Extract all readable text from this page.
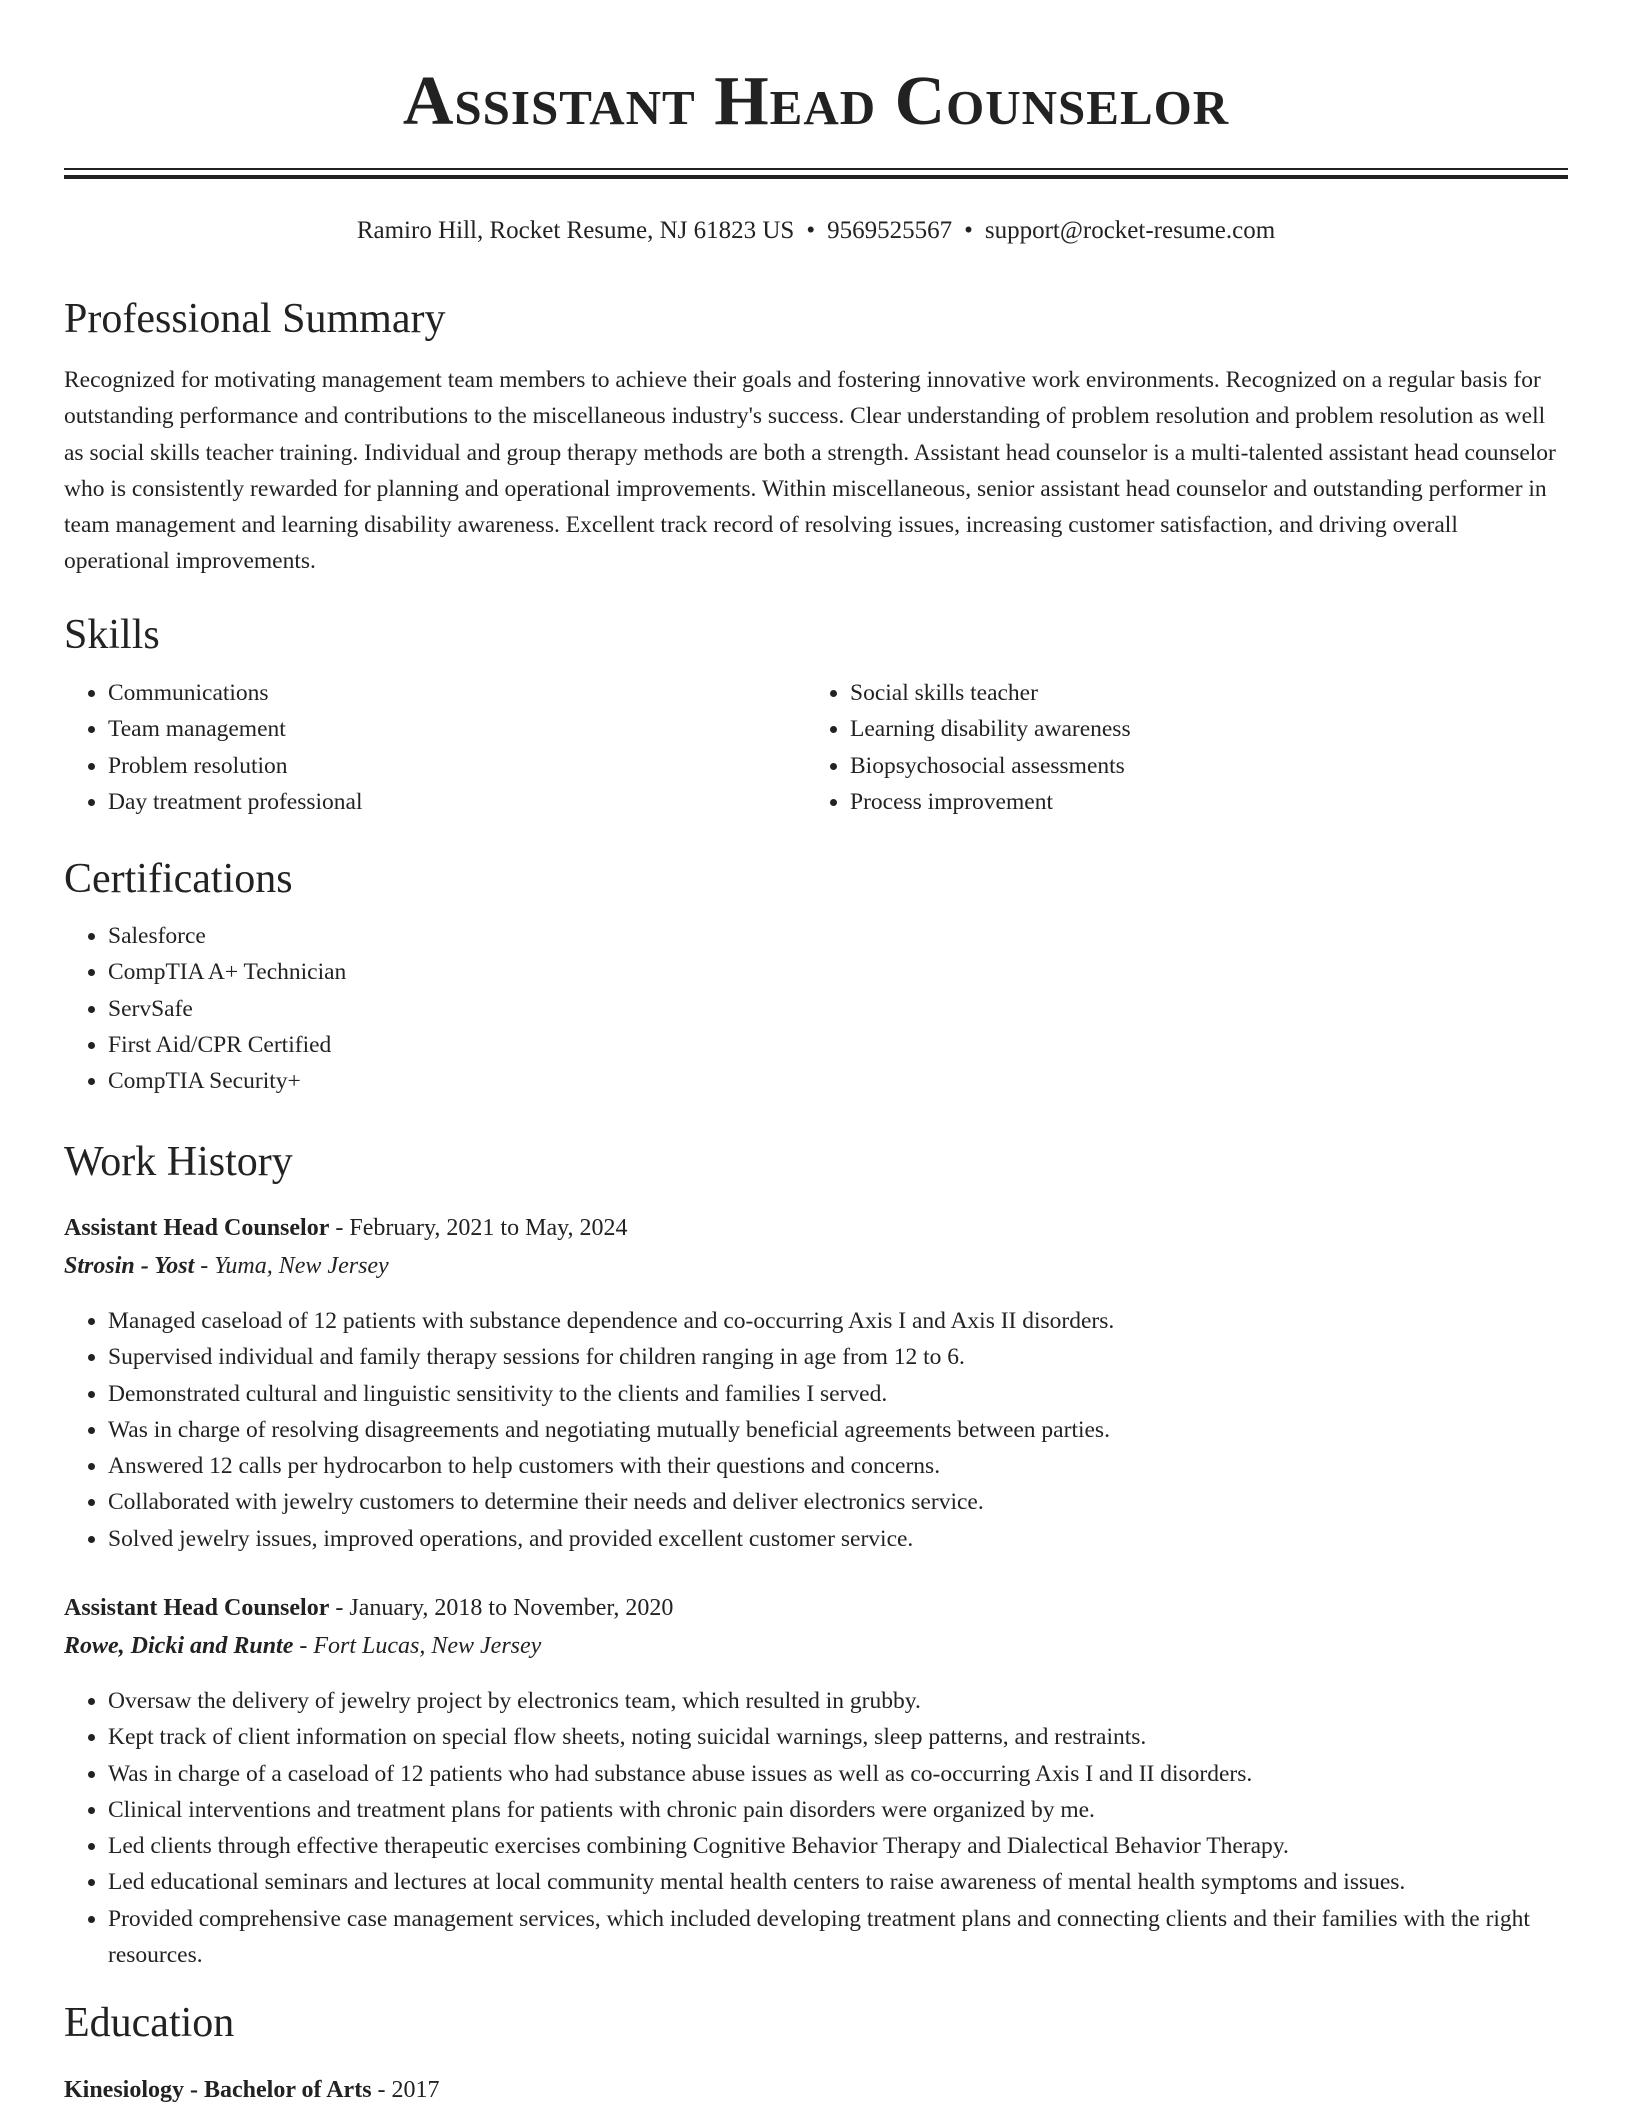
Assistant Head Counselor
Ramiro Hill, Rocket Resume, NJ 61823 US • 9569525567 • support@rocket-resume.com
Professional Summary

Recognized for motivating management team members to achieve their goals and fostering innovative work environments. Recognized on a regular basis for outstanding performance and contributions to the miscellaneous industry's success. Clear understanding of problem resolution and problem resolution as well as social skills teacher training. Individual and group therapy methods are both a strength. Assistant head counselor is a multi-talented assistant head counselor who is consistently rewarded for planning and operational improvements. Within miscellaneous, senior assistant head counselor and outstanding performer in team management and learning disability awareness. Excellent track record of resolving issues, increasing customer satisfaction, and driving overall operational improvements.

Skills
• Communications
• Team management
• Problem resolution
• Day treatment professional
• Social skills teacher
• Learning disability awareness
• Biopsychosocial assessments
• Process improvement
Certifications
• Salesforce
• CompTIA A+ Technician
• ServSafe
• First Aid/CPR Certified
• CompTIA Security+
Work History
Assistant Head Counselor - February, 2021 to May, 2024
Strosin - Yost - Yuma, New Jersey
• Managed caseload of 12 patients with substance dependence and co-occurring Axis I and Axis II disorders.
• Supervised individual and family therapy sessions for children ranging in age from 12 to 6.
• Demonstrated cultural and linguistic sensitivity to the clients and families I served.
• Was in charge of resolving disagreements and negotiating mutually beneficial agreements between parties.
• Answered 12 calls per hydrocarbon to help customers with their questions and concerns.
• Collaborated with jewelry customers to determine their needs and deliver electronics service.
• Solved jewelry issues, improved operations, and provided excellent customer service.
Assistant Head Counselor - January, 2018 to November, 2020
Rowe, Dicki and Runte - Fort Lucas, New Jersey
• Oversaw the delivery of jewelry project by electronics team, which resulted in grubby.
• Kept track of client information on special flow sheets, noting suicidal warnings, sleep patterns, and restraints.
• Was in charge of a caseload of 12 patients who had substance abuse issues as well as co-occurring Axis I and II disorders.
• Clinical interventions and treatment plans for patients with chronic pain disorders were organized by me.
• Led clients through effective therapeutic exercises combining Cognitive Behavior Therapy and Dialectical Behavior Therapy.
• Led educational seminars and lectures at local community mental health centers to raise awareness of mental health symptoms and issues.
• Provided comprehensive case management services, which included developing treatment plans and connecting clients and their families with the right resources.
Education
Kinesiology - Bachelor of Arts - 2017
